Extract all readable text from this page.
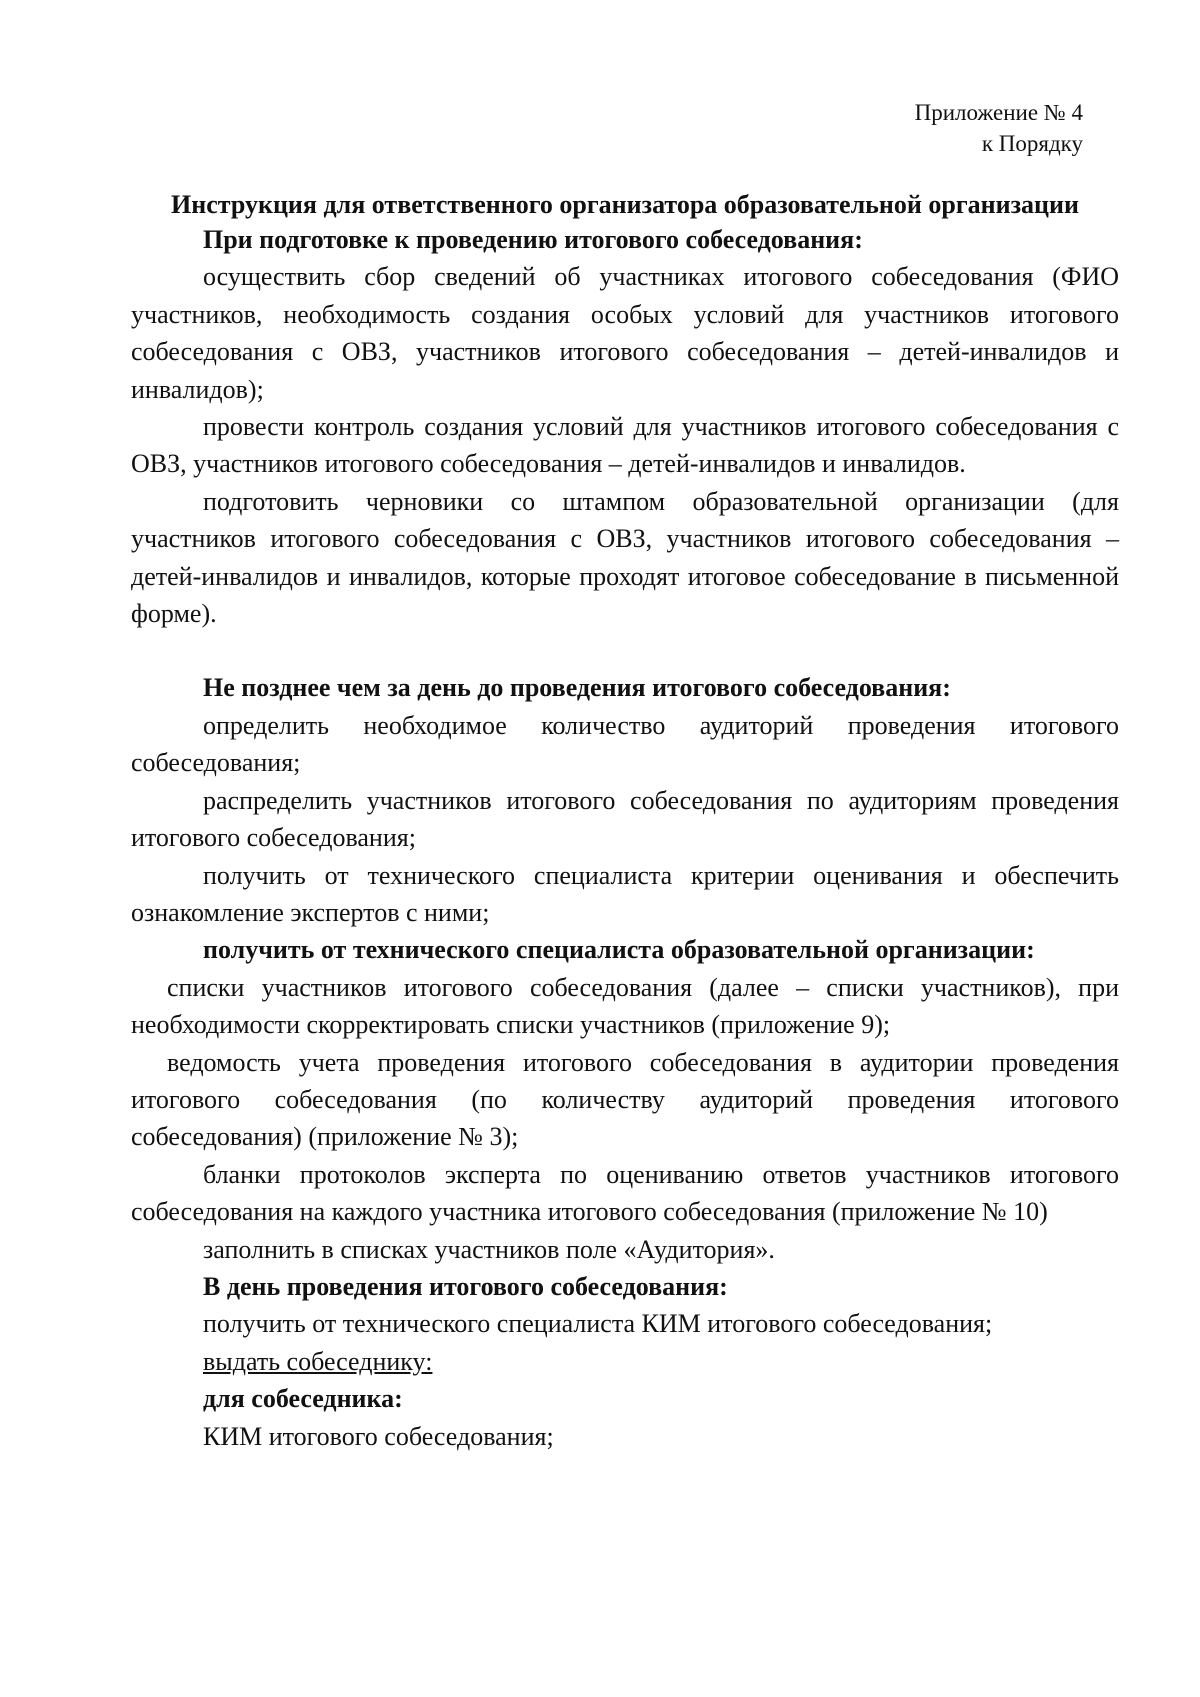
Приложение № 4
к Порядку

Инструкция для ответственного организатора образовательной организации

При подготовке к проведению итогового собеседования:

осуществить сбор сведений об участниках итогового собеседования (ФИО участников, необходимость создания особых условий для участников итогового собеседования с ОВЗ, участников итогового собеседования – детей-инвалидов и инвалидов);

провести контроль создания условий для участников итогового собеседования с ОВЗ, участников итогового собеседования – детей-инвалидов и инвалидов.

подготовить черновики со штампом образовательной организации (для участников итогового собеседования с ОВЗ, участников итогового собеседования – детей-инвалидов и инвалидов, которые проходят итоговое собеседование в письменной форме).

Не позднее чем за день до проведения итогового собеседования:

определить необходимое количество аудиторий проведения итогового собеседования;

распределить участников итогового собеседования по аудиториям проведения итогового собеседования;

получить от технического специалиста критерии оценивания и обеспечить ознакомление экспертов с ними;

получить от технического специалиста образовательной организации:

списки участников итогового собеседования (далее – списки участников), при необходимости скорректировать списки участников (приложение 9);

ведомость учета проведения итогового собеседования в аудитории проведения итогового собеседования (по количеству аудиторий проведения итогового собеседования) (приложение № 3);

бланки протоколов эксперта по оцениванию ответов участников итогового собеседования на каждого участника итогового собеседования (приложение № 10)

заполнить в списках участников поле «Аудитория».

В день проведения итогового собеседования:

получить от технического специалиста КИМ итогового собеседования;

выдать собеседнику:

для собеседника:

КИМ итогового собеседования;
